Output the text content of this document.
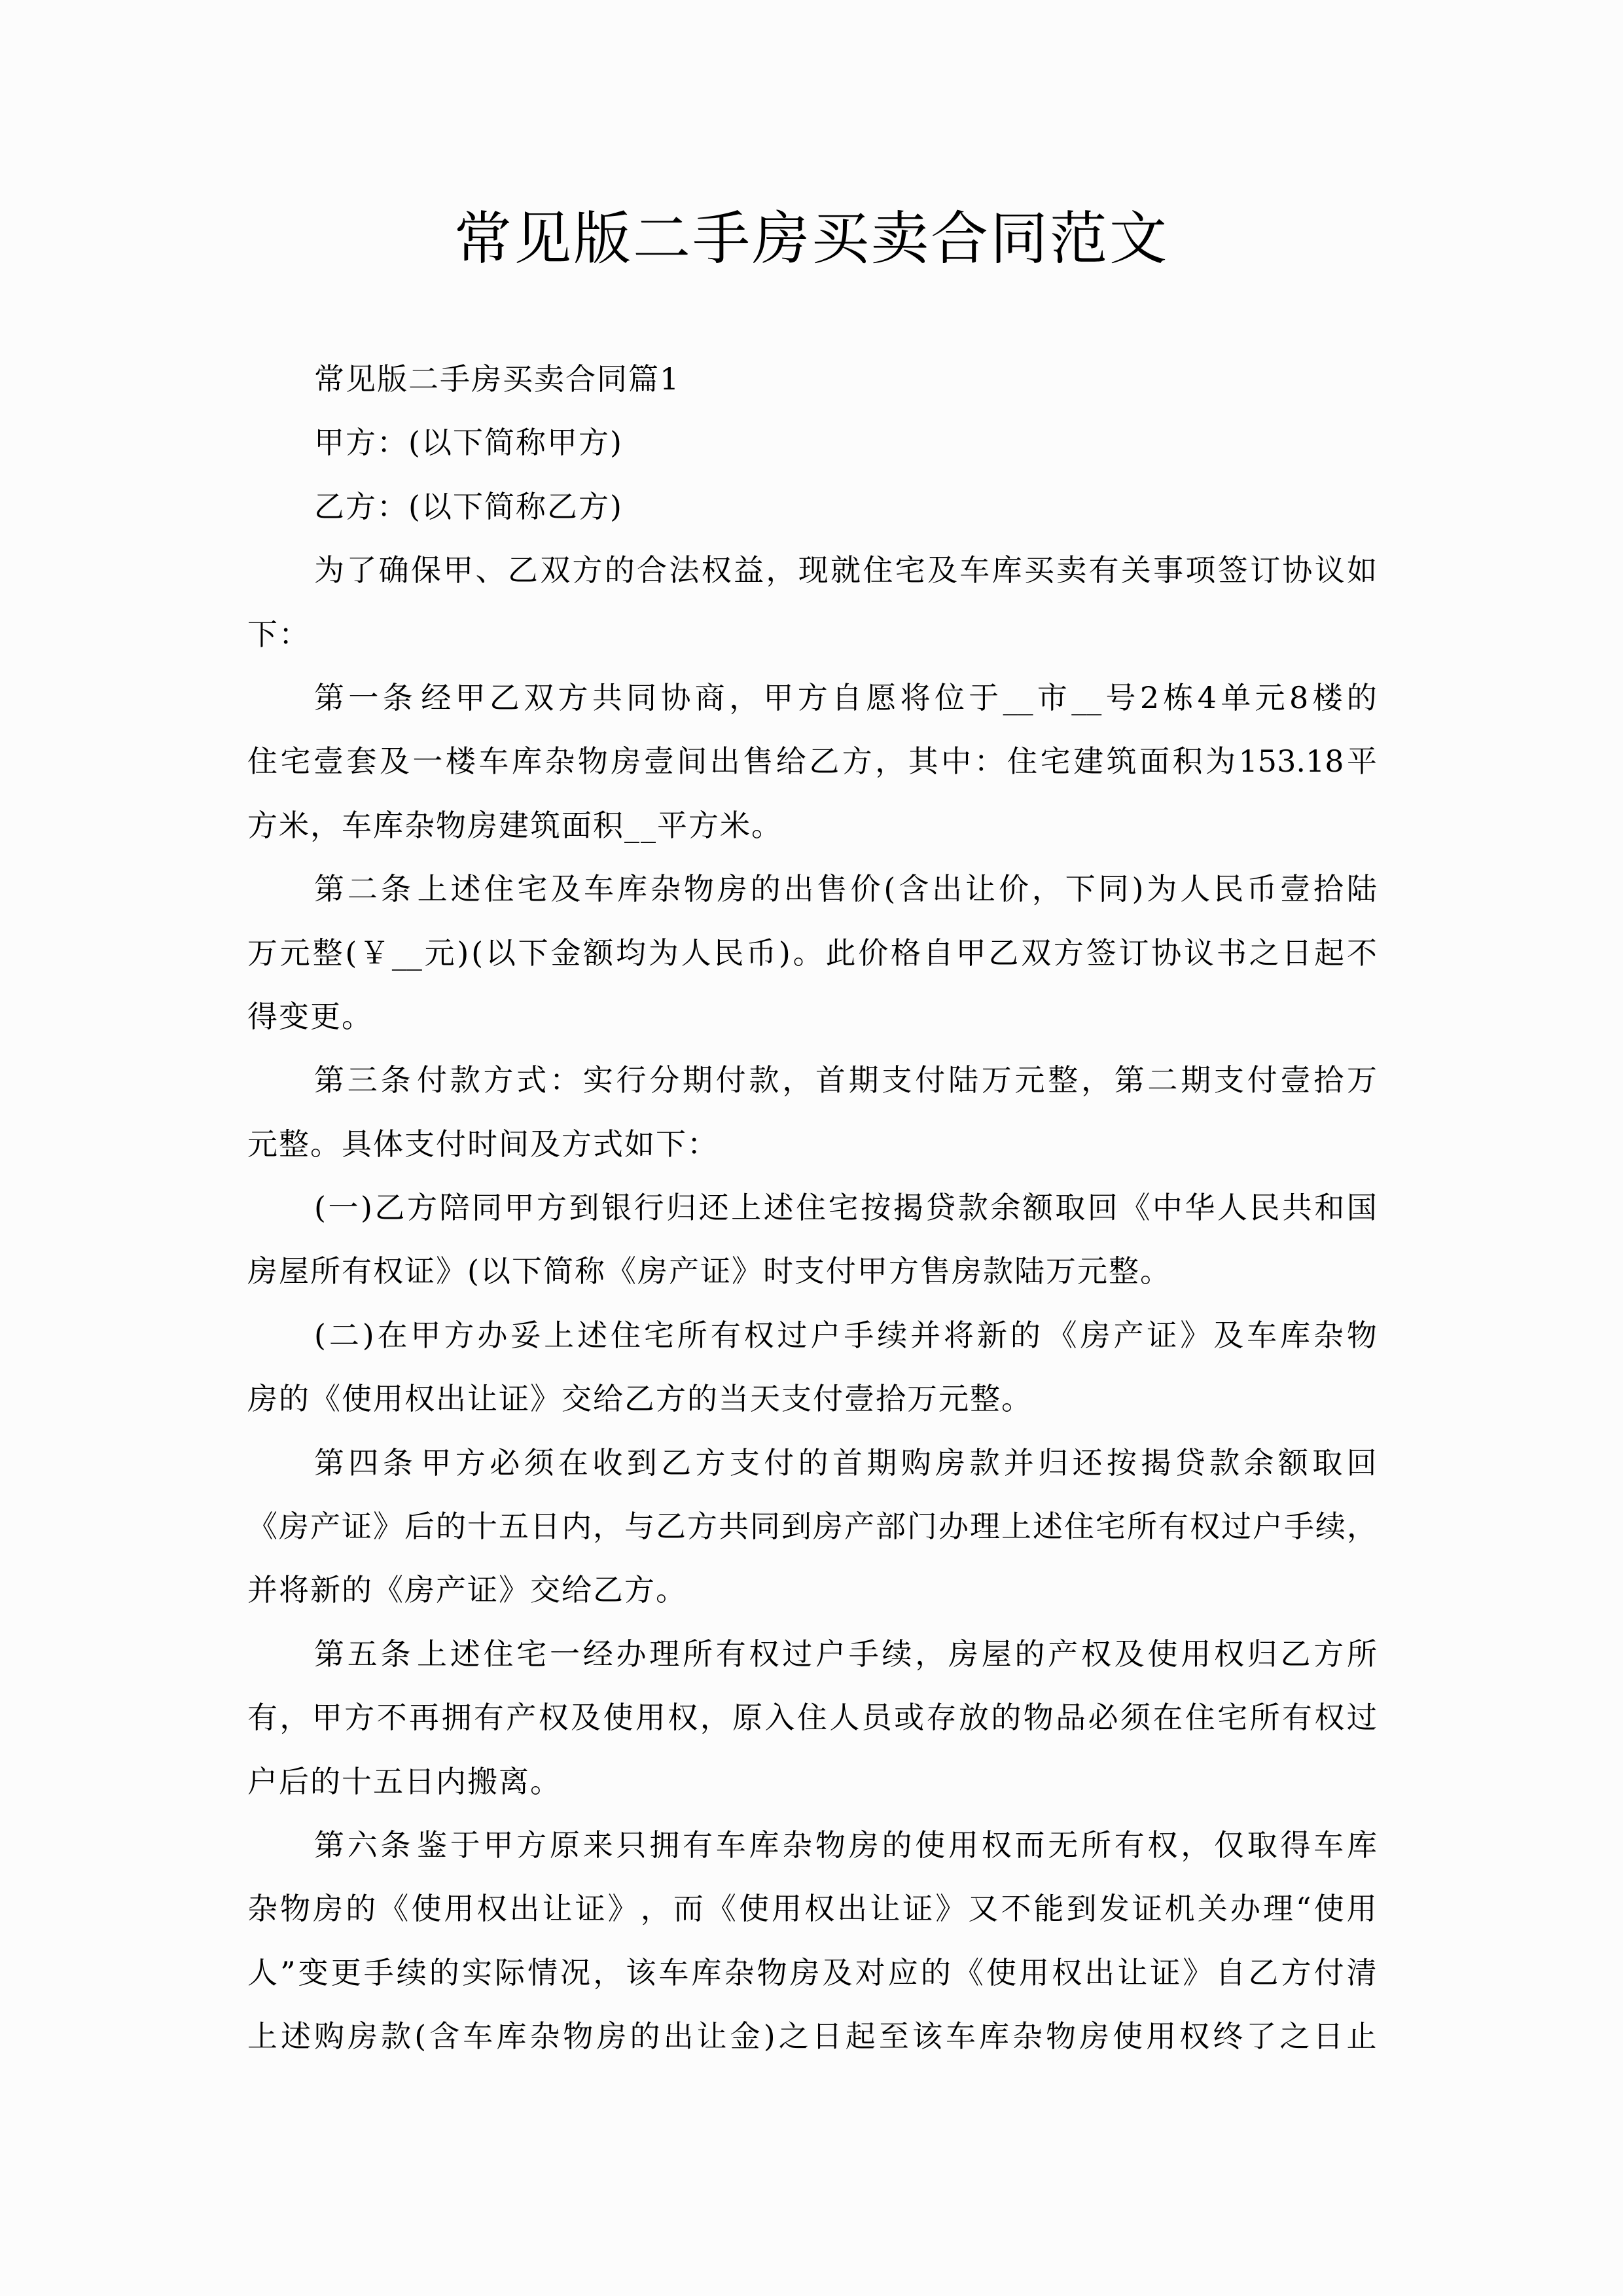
常见版二手房买卖合同范文
常 见 版 二 手 房 买 卖 合 同 篇 1
甲 方 ： ( 以 下 简 称 甲 方 )
乙 方 ： ( 以 下 简 称 乙 方 )
为 了 确 保 甲 、 乙 双 方 的 合 法 权 益 ， 现 就 住 宅 及 车 库 买 卖 有 关 事 项 签 订 协 议 如
下 ：
第 一 条 经 甲 乙 双 方 共 同 协 商 ， 甲 方 自 愿 将 位 于 __ 市 __ 号 2 栋 4 单 元 8 楼 的
住 宅 壹 套 及 一 楼 车 库 杂 物 房 壹 间 出 售 给 乙 方 ， 其 中 ： 住 宅 建 筑 面 积 为 153.18 平
方 米 ， 车 库 杂 物 房 建 筑 面 积 __ 平 方 米 。
第 二 条 上 述 住 宅 及 车 库 杂 物 房 的 出 售 价 ( 含 出 让 价 ， 下 同 ) 为 人 民 币 壹 拾 陆
万 元 整 ( ￥ __ 元 ) ( 以 下 金 额 均 为 人 民 币 ) 。 此 价 格 自 甲 乙 双 方 签 订 协 议 书 之 日 起 不
得 变 更 。
第 三 条 付 款 方 式 ： 实 行 分 期 付 款 ， 首 期 支 付 陆 万 元 整 ， 第 二 期 支 付 壹 拾 万
元 整 。 具 体 支 付 时 间 及 方 式 如 下 ：
( 一 ) 乙 方 陪 同 甲 方 到 银 行 归 还 上 述 住 宅 按 揭 贷 款 余 额 取 回 《 中 华 人 民 共 和 国
房 屋 所 有 权 证 》 ( 以 下 简 称 《 房 产 证 》 时 支 付 甲 方 售 房 款 陆 万 元 整 。
( 二 ) 在 甲 方 办 妥 上 述 住 宅 所 有 权 过 户 手 续 并 将 新 的 《 房 产 证 》 及 车 库 杂 物
房 的 《 使 用 权 出 让 证 》 交 给 乙 方 的 当 天 支 付 壹 拾 万 元 整 。
第 四 条 甲 方 必 须 在 收 到 乙 方 支 付 的 首 期 购 房 款 并 归 还 按 揭 贷 款 余 额 取 回
《 房 产 证 》 后 的 十 五 日 内 ， 与 乙 方 共 同 到 房 产 部 门 办 理 上 述 住 宅 所 有 权 过 户 手 续 ，
并 将 新 的 《 房 产 证 》 交 给 乙 方 。
第 五 条 上 述 住 宅 一 经 办 理 所 有 权 过 户 手 续 ， 房 屋 的 产 权 及 使 用 权 归 乙 方 所
有 ， 甲 方 不 再 拥 有 产 权 及 使 用 权 ， 原 入 住 人 员 或 存 放 的 物 品 必 须 在 住 宅 所 有 权 过
户 后 的 十 五 日 内 搬 离 。
第 六 条 鉴 于 甲 方 原 来 只 拥 有 车 库 杂 物 房 的 使 用 权 而 无 所 有 权 ， 仅 取 得 车 库
杂 物 房 的 《 使 用 权 出 让 证 》 ， 而 《 使 用 权 出 让 证 》 又 不 能 到 发 证 机 关 办 理 “ 使 用
人 ” 变 更 手 续 的 实 际 情 况 ， 该 车 库 杂 物 房 及 对 应 的 《 使 用 权 出 让 证 》 自 乙 方 付 清
上 述 购 房 款 ( 含 车 库 杂 物 房 的 出 让 金 ) 之 日 起 至 该 车 库 杂 物 房 使 用 权 终 了 之 日 止
